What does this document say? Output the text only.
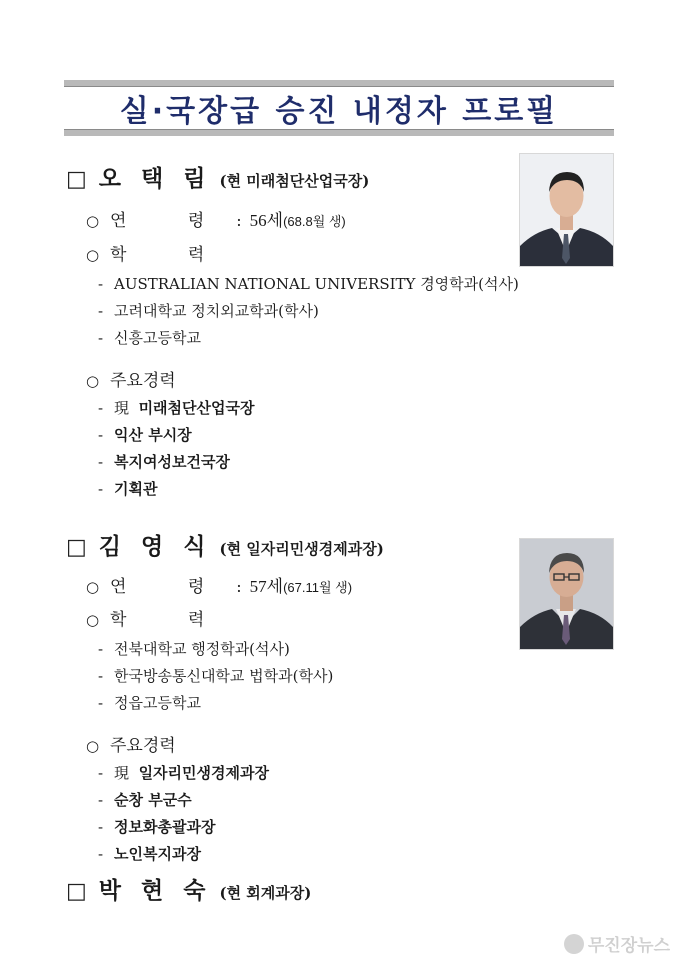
실·국장급 승진 내정자 프로필
□ 오 택 림 (현 미래첨단산업국장)
○ 연 령 : 56세 (68.8월 생)
○ 학 력
- AUSTRALIAN NATIONAL UNIVERSITY 경영학과(석사)
- 고려대학교 정치외교학과(학사)
- 신흥고등학교
○ 주요경력
- 現 미래첨단산업국장
- 익산 부시장
- 복지여성보건국장
- 기획관
□ 김 영 식 (현 일자리민생경제과장)
○ 연 령 : 57세 (67.11월 생)
○ 학 력
- 전북대학교 행정학과(석사)
- 한국방송통신대학교 법학과(학사)
- 정읍고등학교
○ 주요경력
- 現 일자리민생경제과장
- 순창 부군수
- 정보화총괄과장
- 노인복지과장
□ 박 현 숙 (현 회계과장)
무진장뉴스
